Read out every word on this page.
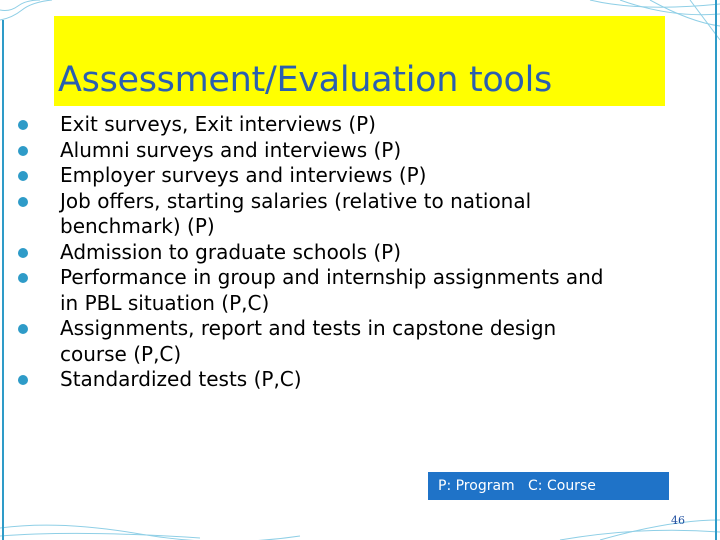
Assessment/Evaluation tools
Exit surveys, Exit interviews (P)
Alumni surveys and interviews (P)
Employer surveys and interviews (P)
Job offers, starting salaries (relative to national
benchmark) (P)
Admission to graduate schools (P)
Performance in group and internship assignments and
in PBL situation (P,C)
Assignments, report and tests in capstone design
course (P,C)
Standardized tests (P,C)
P: Program   C: Course
46
